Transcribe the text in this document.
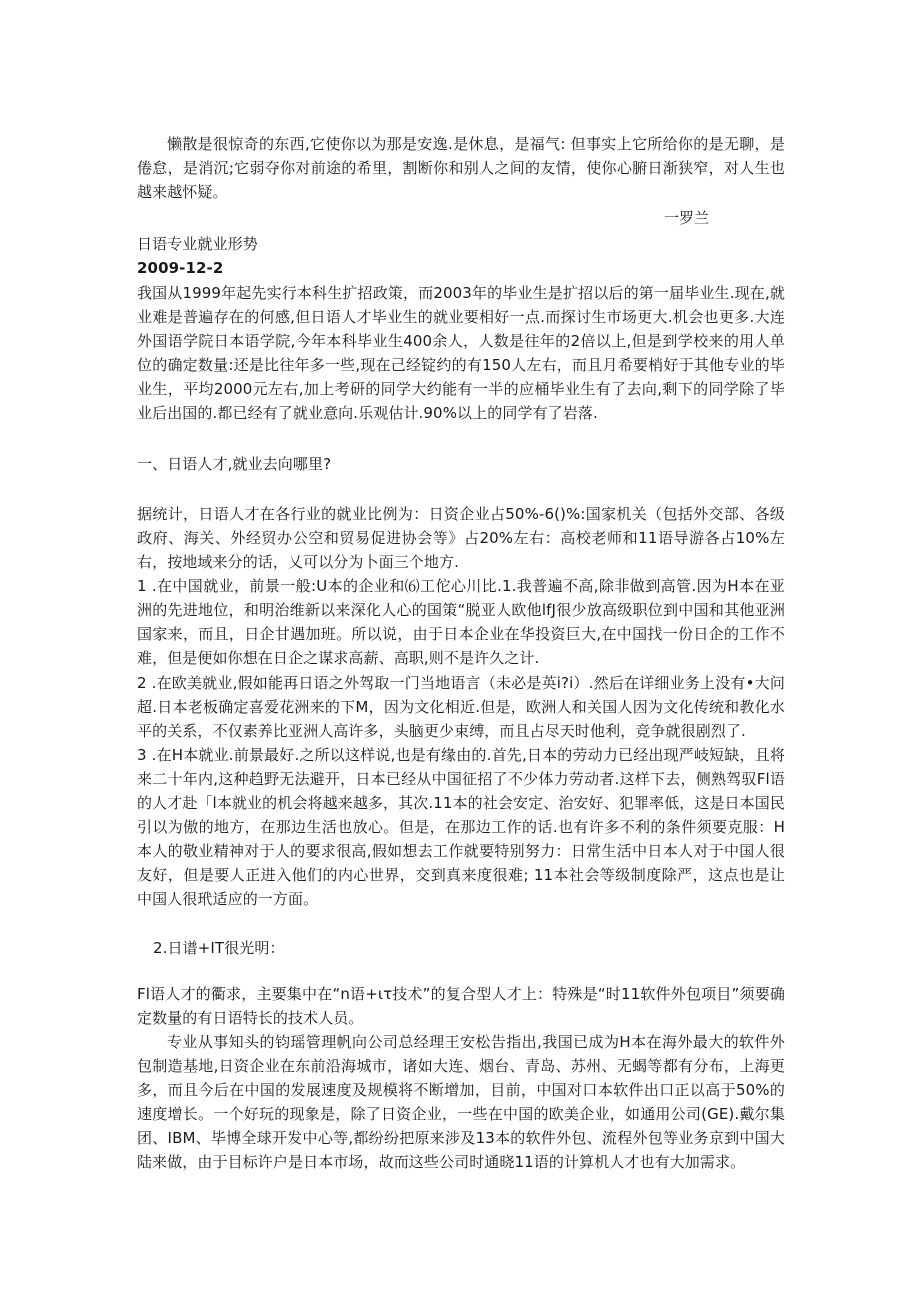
懒散是很惊奇的东西,它使你以为那是安逸.是休息，是福气: 但事实上它所给你的是无聊，是倦怠，是消沉;它弱夺你对前途的希里，割断你和别人之间的友情，使你心腑日渐狭窄，对人生也越来越怀疑。

一罗兰

日语专业就业形势

2009-12-2

我国从1999年起先实行本科生扩招政策，而2003年的毕业生是扩招以后的第一届毕业生.现在,就业难是普遍存在的何感,但日语人才毕业生的就业要相好一点.而探讨生市场更大.机会也更多.大连外国语学院日本语学院,今年本科毕业生400余人，人数是往年的2倍以上,但是到学校来的用人单位的确定数量:还是比往年多一些,现在己经锭约的有150人左右，而且月希要梢好于其他专业的毕业生，平均2000元左右,加上考研的同学大约能有一半的应桶毕业生有了去向,剩下的同学除了毕业后出国的.都已经有了就业意向.乐观估计.90%以上的同学有了岩落.

一、日语人才,就业去向哪里?

据统计，日语人才在各行业的就业比例为：日资企业占50%-6()%:国家机关（包括外交部、各级政府、海关、外经贸办公空和贸易促进协会等》占20%左右：高校老师和11语导游各占10%左右，按地域来分的话，乂可以分为卜面三个地方.

1 .在中国就业，前景一般:U本的企业和⑹工佗心川比.1.我普遍不高,除非做到高管.因为H本在亚洲的先进地位，和明治维新以来深化人心的国策“脱亚人欧他lfJ很少放高级职位到中国和其他亚洲国家来，而且，日企甘遇加班。所以说，由于日本企业在华投资巨大,在中国找一份日企的工作不难，但是便如你想在日企之谋求高薪、高职,则不是许久之计.

2 .在欧美就业,假如能再日语之外驾取一门当地语言（未必是英i?i）.然后在详细业务上没有•大问超.日本老板确定喜爱花洲来的下M，因为文化相近.但是，欧洲人和关国人因为文化传统和教化水平的关系，不仅素养比亚洲人高许多，头脑更少束缚，而且占尽天时他利，竞争就很剧烈了.

3 .在H本就业.前景最好.之所以这样说,也是有缘由的.首先,日本的劳动力已经出现严岐短缺，且将来二十年内,这种趋野无法避开，日本已经从中国征招了不少体力劳动者.这样下去，侧熟驾驭Fl语的人才赴「l本就业的机会将越来越多，其次.11本的社会安定、治安好、犯罪率低，这是日本国民引以为傲的地方，在那边生活也放心。但是，在那边工作的话.也有许多不利的条件须要克服：H本人的敬业精神对于人的要求很高,假如想去工作就要特别努力：日常生活中日本人对于中国人很友好，但是要人正进入他们的内心世界，交到真来度很难; 11本社会等级制度除严，这点也是让中国人很玳适应的一方面。

2.日谱+IT很光明：

Fl语人才的衢求，主要集中在“n语+ιτ技术”的复合型人才上：特殊是“时11软件外包项目”须要确定数量的有日语特长的技术人员。

专业从事知头的钧瑶管理帆向公司总经理王安松告指出,我国已成为H本在海外最大的软件外包制造基地,日资企业在东前沿海城市，诸如大连、烟台、青岛、苏州、无蝎等都有分布，上海更多，而且今后在中国的发展速度及规模将不断增加，目前，中国对口本软件出口正以高于50%的速度增长。一个好玩的现象是，除了日资企业，一些在中国的欧美企业，如通用公司(GE).戴尔集团、IBM、毕博全球开发中心等,都纷纷把原来涉及13本的软件外包、流程外包等业务京到中国大陆来做，由于目标许户是日本市场，故而这些公司时通晓11语的计算机人才也有大加需求。
